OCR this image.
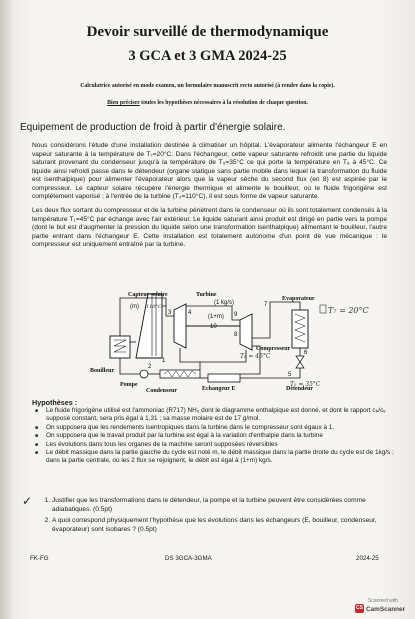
Devoir surveillé de thermodynamique
3 GCA et 3 GMA 2024-25
Calculatrice autorisé en mode examen, un formulaire manuscrit recto autorisé (à rendre dans la copie).
Bien préciser toutes les hypothèses nécessaires à la résolution de chaque question.
Equipement de production de froid à partir d'énergie solaire.
Nous considérons l'étude d'une installation destinée à climatiser un hôpital. L'évaporateur alimente l'échangeur E en vapeur saturante à la température de T₇=20°C. Dans l'échangeur, cette vapeur saturante refroidit une partie du liquide saturant provenant du condenseur jusqu'à la température de T₅=35°C ce qui porte la température en T₈ à 45°C. Ce liquide ainsi refroidi passe dans le détendeur (organe statique sans partie mobile dans lequel la transformation du fluide est isenthalpique) pour alimenter l'évaporateur alors que la vapeur sèche du second flux (en 8) est aspirée par le compresseur. Le capteur solaire récupère l'énergie thermique et alimente le bouilleur, où le fluide frigorigène est complètement vaporisé ; à l'entrée de la turbine (T₃=110°C), il est sous forme de vapeur saturante.
Les deux flux sortant du compresseur et de la turbine pénètrent dans le condenseur où ils sont totalement condensés à la température T₁=45°C par échange avec l'air extérieur. Le liquide saturant ainsi produit est dirigé en partie vers la pompe (dont le but est d'augmenter la pression du liquide selon une transformation isenthalpique) alimentant le bouilleur, l'autre partie entrant dans l'échangeur E. Cette installation est totalement autonome d'un point de vue mécanique : le compresseur est uniquement entraîné par la turbine.
Capteur solaire
(m)
Turbine
(1 kg/s)
(1+m)
Evaporateur
Bouilleur
Pompe
Condenseur	Echangeur E
Compresseur
Détendeur
1
2
3	4
5
6
7
8
9
10
110°C
T₈ = 45°C
T₅ = 35°C
T₇ = 20°C
Hypothèses :
■ Le fluide frigorigène utilisé est l'ammoniac (R717) NH₃ dont le diagramme enthalpique est donné, et dont le rapport cₚ/cᵥ supposé constant, sera pris égal à 1,31 ; sa masse molaire est de 17 g/mol.
■ On supposera que les rendements isentropiques dans la turbine dans le compresseur sont égaux à 1.
■ On supposera que le travail produit par la turbine est égal à la variation d'enthalpie dans la turbine
■ Les évolutions dans tous les organes de la machine seront supposées réversibles
■ Le débit massique dans la partie gauche du cycle est noté m, le débit massique dans la partie droite du cycle est de 1kg/s ; dans la partie centrale, où les 2 flux se rejoignent, le débit est égal à (1+m) kg/s.
✓
1.	Justifier que les transformations dans le détendeur, la pompe et la turbine peuvent être considérées comme adiabatiques. (0.5pt)
2. A quoi correspond physiquement l'hypothèse que les évolutions dans les échangeurs (E, bouilleur, condenseur, évaporateur) sont isobares ? (0.5pt)
FK-FG	DS 3GCA-3GMA	2024-25
Scanned with
CS CamScanner
